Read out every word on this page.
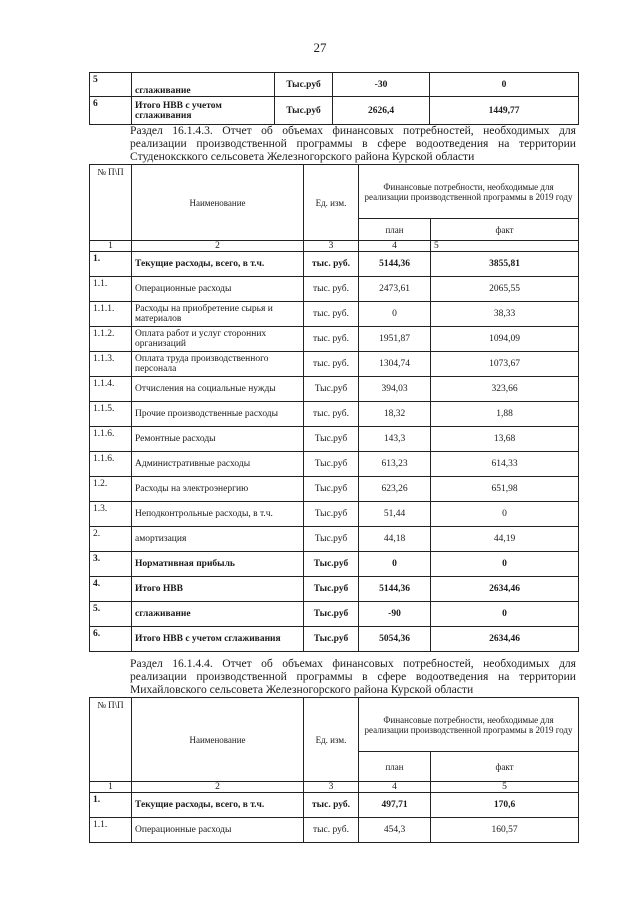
27
5	сглаживание	Тыс.руб	-30	0
6	Итого НВВ с учетом сглаживания	Тыс.руб	2626,4	1449,77
Раздел 16.1.4.3. Отчет об объемах финансовых потребностей, необходимых для реализации производственной программы в сфере водоотведения на территории Студеноксккого сельсовета Железногорского района Курской области
№ П\П	Наименование	Ед. изм.	Финансовые потребности, необходимые для реализации производственной программы в 2019 году	
			план	факт
1	2	3	4	5
1.	Текущие расходы, всего, в т.ч.	тыс. руб.	5144,36	3855,81
1.1.	Операционные расходы	тыс. руб.	2473,61	2065,55
1.1.1.	Расходы на приобретение сырья и материалов	тыс. руб.	0	38,33
1.1.2.	Оплата работ и услуг сторонних организаций	тыс. руб.	1951,87	1094,09
1.1.3.	Оплата труда производственного персонала	тыс. руб.	1304,74	1073,67
1.1.4.	Отчисления на социальные нужды	Тыс.руб	394,03	323,66
1.1.5.	Прочие производственные расходы	тыс. руб.	18,32	1,88
1.1.6.	Ремонтные расходы	Тыс.руб	143,3	13,68
1.1.6.	Административные расходы	Тыс.руб	613,23	614,33
1.2.	Расходы на электроэнергию	Тыс.руб	623,26	651,98
1.3.	Неподконтрольные расходы, в т.ч.	Тыс.руб	51,44	0
2.	амортизация	Тыс.руб	44,18	44,19
3.	Нормативная прибыль	Тыс.руб	0	0
4.	Итого НВВ	Тыс.руб	5144,36	2634,46
5.	сглаживание	Тыс.руб	-90	0
6.	Итого НВВ с учетом сглаживания	Тыс.руб	5054,36	2634,46
Раздел 16.1.4.4. Отчет об объемах финансовых потребностей, необходимых для реализации производственной программы в сфере водоотведения на территории Михайловского сельсовета Железногорского района Курской области
№ П\П	Наименование	Ед. изм.	Финансовые потребности, необходимые для реализации производственной программы в 2019 году	
			план	факт
1	2	3	4	5
1.	Текущие расходы, всего, в т.ч.	тыс. руб.	497,71	170,6
1.1.	Операционные расходы	тыс. руб.	454,3	160,57
